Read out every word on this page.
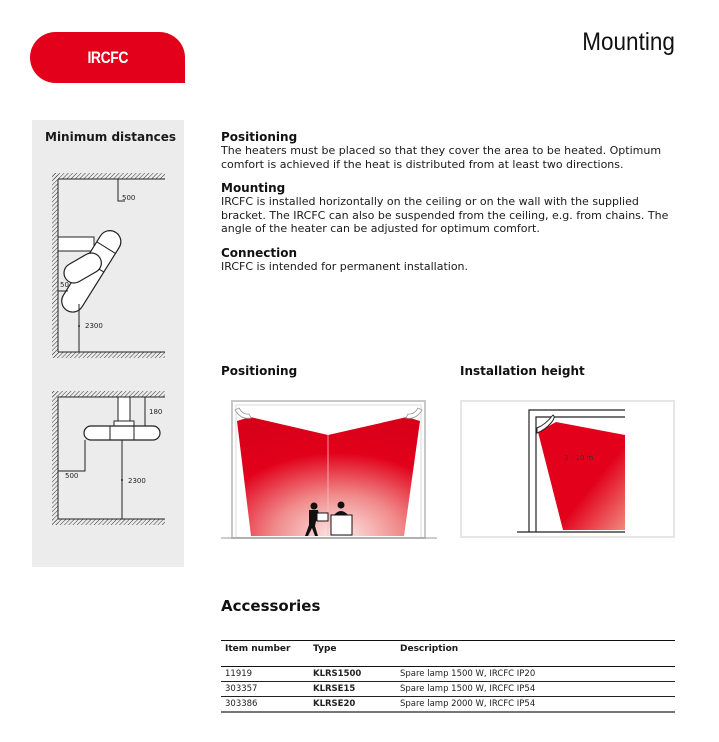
IRCFC
Mounting
Minimum distances
500
50
2300
180
500
2300
Positioning

The heaters must be placed so that they cover the area to be heated. Optimum comfort is achieved if the heat is distributed from at least two directions.

Mounting

IRCFC is installed horizontally on the ceiling or on the wall with the supplied bracket. The IRCFC can also be suspended from the ceiling, e.g. from chains. The angle of the heater can be adjusted for optimum comfort.

Connection

IRCFC is intended for permanent installation.

Positioning	Installation height
3 - 10 m
Accessories
Item number	Type	Description
11919	KLRS1500	Spare lamp 1500 W, IRCFC IP20
303357	KLRSE15	Spare lamp 1500 W, IRCFC IP54
303386	KLRSE20	Spare lamp 2000 W, IRCFC IP54
